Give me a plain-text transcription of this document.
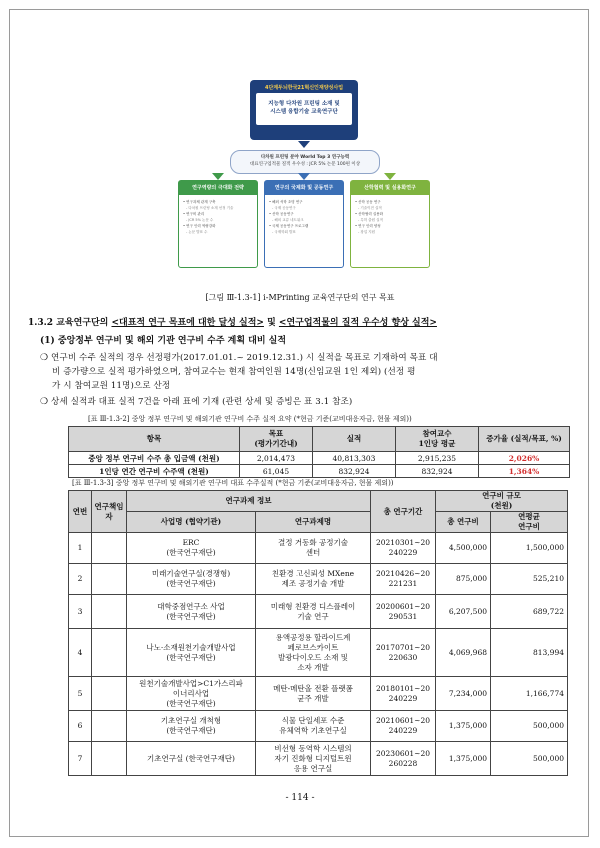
4단계두뇌한국21혁신인재양성사업
지능형 다차원 프린팅 소재 및
시스템 융합기술 교육연구단
다차원 프린팅 분야 World Top 3 연구능력
대표연구업적물 질적 우수성 : JCR 5% 논문 100편 이상
연구역량의 극대화 전략
• 연구과제 관계 구축
- 다차원 프린팅 소재 선정 기술
• 연구비 관리
- JCR 5% 논문 수
• 연구 인력 역량강화
- 논문 발표 수
연구의 국제화 및 공동연구
• 해외 석학 초빙 연구
- 국제 공동연구
• 산학 공동연구
- 해외 교류 네트워크
• 국제 공동연구 프로그램
- 국제학회 발표
산학협력 및 실용화연구
• 산학 공동 연구
- 기술이전 실적
• 산학협력 실용화
- 특허 출원 실적
• 연구 인력 양성
- 창업 지원
[그림 Ⅲ-1.3-1] i-MPrinting 교육연구단의 연구 목표
1.3.2 교육연구단의 <대표적 연구 목표에 대한 달성 실적> 및 <연구업적물의 질적 우수성 향상 실적>
(1) 중앙정부 연구비 및 해외 기관 연구비 수주 계획 대비 실적
❍ 연구비 수주 실적의 경우 선정평가(2017.01.01.~ 2019.12.31.) 시 실적을 목표로 기재하여 목표 대
비 증가량으로 실적 평가하였으며, 참여교수는 현재 참여인원 14명(신임교원 1인 제외) (선정 평
가 시 참여교원 11명)으로 산정
❍ 상세 실적과 대표 실적 7건을 아래 표에 기재 (관련 상세 및 증빙은 표 3.1 참조)
[표 Ⅲ-1.3-2] 중앙 정부 연구비 및 해외기관 연구비 수주 실적 요약 (*현금 기준(교비대응자금, 현물 제외))
항목	목표
(평가기간내)	실적	참여교수
1인당 평균	증가율 (실적/목표, %)
중앙 정부 연구비 수주 총 입금액 (천원)	2,014,473	40,813,303	2,915,235	2,026%
1인당 연간 연구비 수주액 (천원)	61,045	832,924	832,924	1,364%
[표 Ⅲ-1.3-3] 중앙 정부 연구비 및 해외기관 연구비 대표 수주실적 (*현금 기준(교비대응자금, 현물 제외))
연번	연구책임자	연구과제 정보		총 연구기간	연구비 규모
(천원)	
		사업명 (협약기관)	연구과제명		총 연구비	연평균
연구비
1		ERC
(한국연구재단)	결정 거동화 공정기술
센터	20210301~20
240229	4,500,000	1,500,000
2		미래기술연구실(경쟁형)
(한국연구재단)	친환경 고신뢰성 MXene
제조 공정기술 개발	20210426~20
221231	875,000	525,210
3		대학중점연구소 사업
(한국연구재단)	미래형 친환경 디스플레이
기술 연구	20200601~20
290531	6,207,500	689,722
4		나노·소재원천기술개발사업
(한국연구재단)	용액공정용 할라이드계
페로브스카이트
발광다이오드 소재 및
소자 개발	20170701~20
220630	4,069,968	813,994
5		원천기술개발사업>C1가스리파
이너리사업
(한국연구재단)	메탄-메탄올 전환 플랫폼
균주 개발	20180101~20
240229	7,234,000	1,166,774
6		기초연구실 개척형
(한국연구재단)	식물 단일세포 수준
유체역학 기초연구실	20210601~20
240229	1,375,000	500,000
7		기초연구실 (한국연구재단)	비선형 동역학 시스템의
자기 진화형 디지털트윈
응용 연구실	20230601~20
260228	1,375,000	500,000
- 114 -
